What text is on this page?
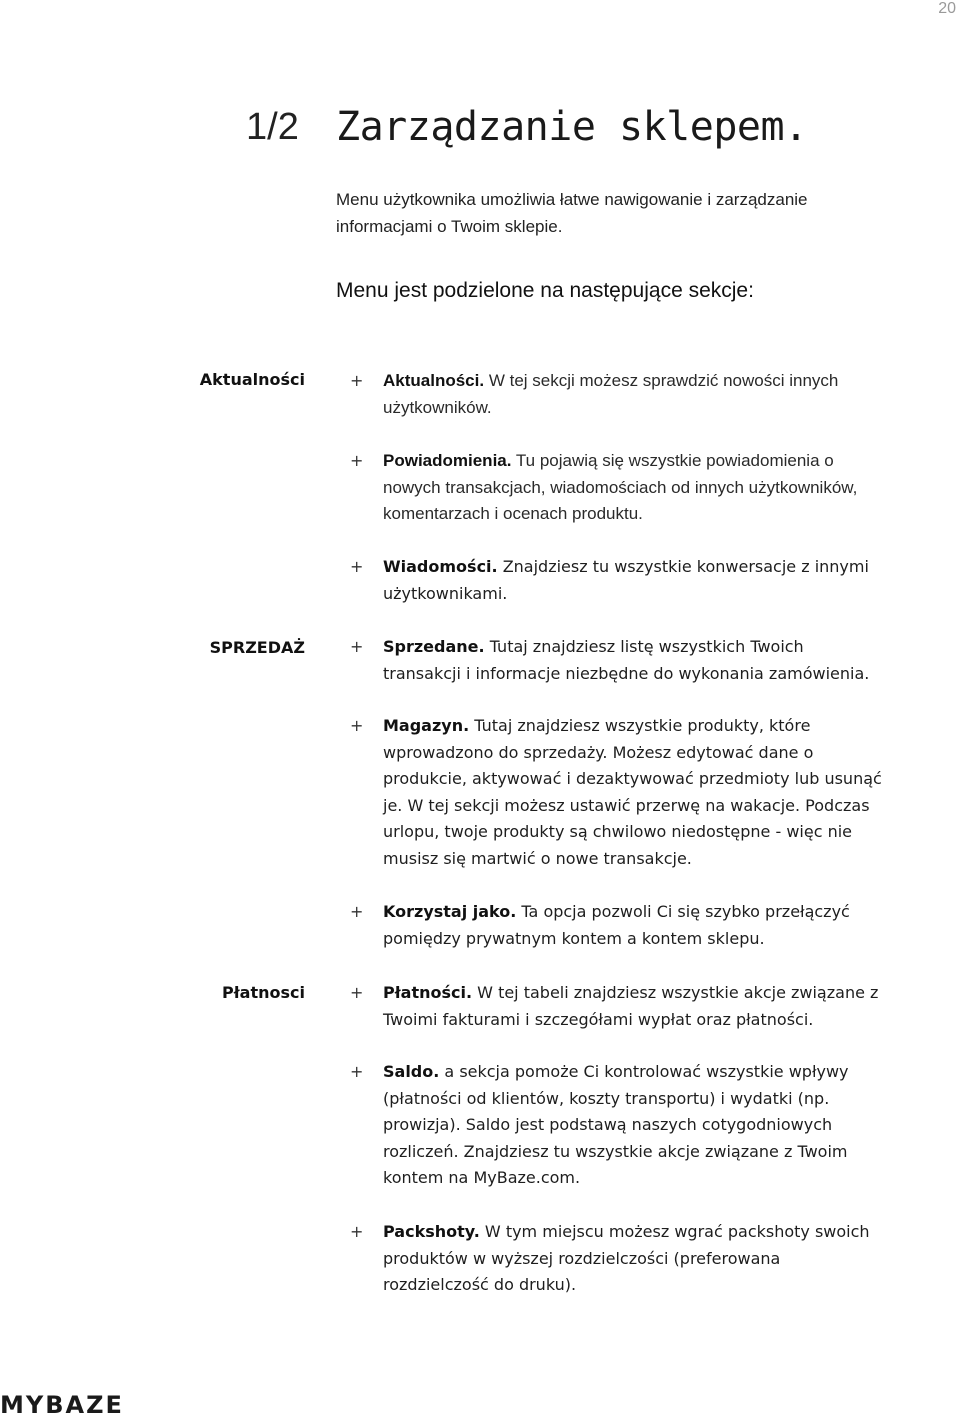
20
1/2 Zarządzanie sklepem.

Menu użytkownika umożliwia łatwe nawigowanie i zarządzanie informacjami o Twoim sklepie.

Menu jest podzielone na następujące sekcje:
Aktualności	+ Aktualności. W tej sekcji możesz sprawdzić nowości innych użytkowników.

+ Powiadomienia. Tu pojawią się wszystkie powiadomienia o nowych transakcjach, wiadomościach od innych użytkowników, komentarzach i ocenach produktu.

+ Wiadomości. Znajdziesz tu wszystkie konwersacje z innymi użytkownikami.

SPRZEDAŻ	+ Sprzedane. Tutaj znajdziesz listę wszystkich Twoich transakcji i informacje niezbędne do wykonania zamówienia.

+ Magazyn. Tutaj znajdziesz wszystkie produkty, które wprowadzono do sprzedaży. Możesz edytować dane o produkcie, aktywować i dezaktywować przedmioty lub usunąć je. W tej sekcji możesz ustawić przerwę na wakacje. Podczas urlopu, twoje produkty są chwilowo niedostępne - więc nie musisz się martwić o nowe transakcje.

+ Korzystaj jako. Ta opcja pozwoli Ci się szybko przełączyć pomiędzy prywatnym kontem a kontem sklepu.

Płatnosci	+ Płatności. W tej tabeli znajdziesz wszystkie akcje związane z Twoimi fakturami i szczegółami wypłat oraz płatności.

+ Saldo. a sekcja pomoże Ci kontrolować wszystkie wpływy (płatności od klientów, koszty transportu) i wydatki (np. prowizja). Saldo jest podstawą naszych cotygodniowych rozliczeń. Znajdziesz tu wszystkie akcje związane z Twoim kontem na MyBaze.com.

+ Packshoty. W tym miejscu możesz wgrać packshoty swoich produktów w wyższej rozdzielczości (preferowana rozdzielczość do druku).

MYBAZE
